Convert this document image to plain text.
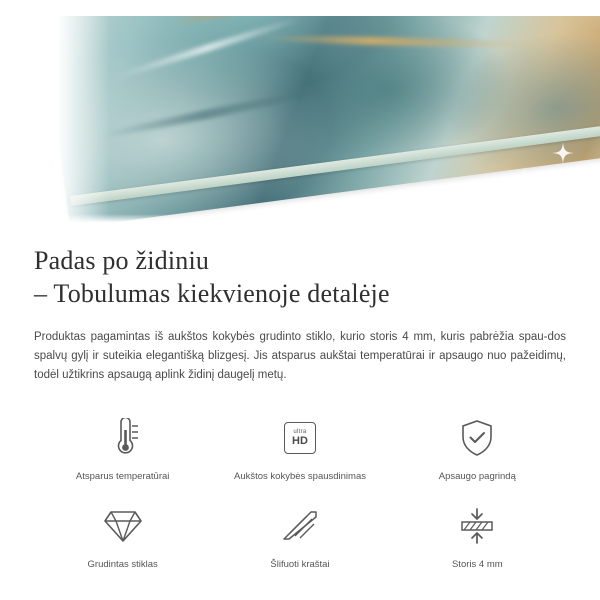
Padas po židiniu
– Tobulumas kiekvienoje detalėje

Produktas pagamintas iš aukštos kokybės grudinto stiklo, kurio storis 4 mm, kuris pabrėžia spau-dos spalvų gylį ir suteikia elegantišką blizgesį. Jis atsparus aukštai temperatūrai ir apsaugo nuo pažeidimų, todėl užtikrins apsaugą aplink židinį daugelį metų.

Atsparus temperatūrai
ultra
HD
Aukštos kokybės spausdinimas	Apsaugo pagrindą
Grudintas stiklas	Šlifuoti kraštai	Storis 4 mm
